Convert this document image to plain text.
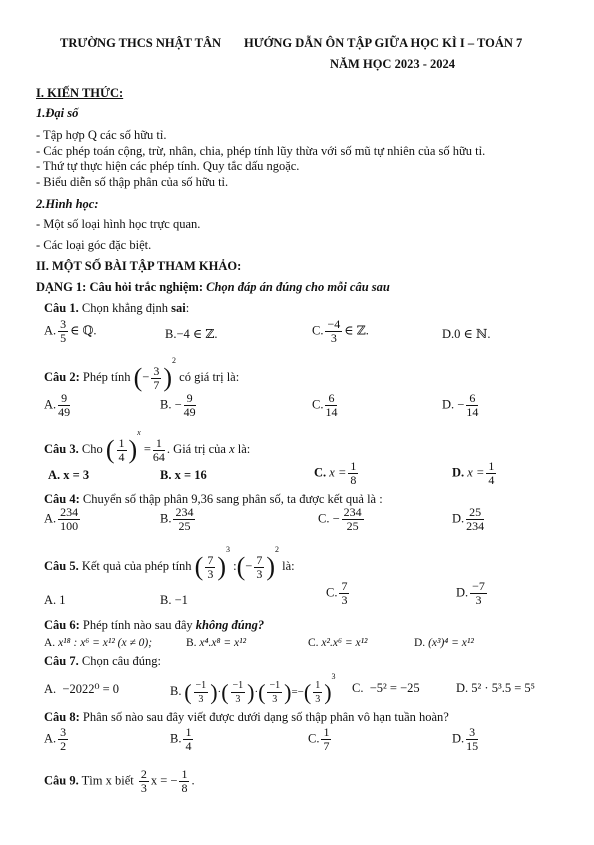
TRƯỜNG THCS NHẬT TÂN HƯỚNG DẪN ÔN TẬP GIỮA HỌC KÌ I – TOÁN 7
NĂM HỌC 2023 - 2024
I. KIẾN THỨC:
1.Đại số
- Tập hợp Q các số hữu tỉ.
- Các phép toán cộng, trừ, nhân, chia, phép tính lũy thừa với số mũ tự nhiên của số hữu tỉ.
- Thứ tự thực hiện các phép tính. Quy tắc dấu ngoặc.
- Biểu diễn số thập phân của số hữu tỉ.
2.Hình học:
- Một số loại hình học trực quan.
- Các loại góc đặc biệt.
II. MỘT SỐ BÀI TẬP THAM KHẢO:
DẠNG 1: Câu hỏi trắc nghiệm: Chọn đáp án đúng cho mỗi câu sau
Câu 1. Chọn khẳng định sai:
A. $\frac{3}{5}$ ∈ ℚ.	B.−4 ∈ ℤ.	C. $\frac{-4}{3}$ ∈ ℤ.	D.0 ∈ ℕ.
Câu 2: Phép tính (− $\frac{3}{7} )^2$ có giá trị là:
A. $\frac{9}{49}$	B. − $\frac{9}{49}$	C. $\frac{6}{14}$	D. − $\frac{6}{14}$
Câu 3. Cho ( $\frac{1}{4} )^x = \frac{1}{64}$ . Giá trị của x là:
A. x = 3	B. x = 16	C. $x = \frac{1}{8}$	D. $x = \frac{1}{4}$
Câu 4: Chuyển số thập phân 9,36 sang phân số, ta được kết quả là :
A. $\frac{234}{100}$	B. $\frac{234}{25}$	C. − $\frac{234}{25}$	D. $\frac{25}{234}$
Câu 5. Kết quả của phép tính ( $\frac{7}{3} )^3$ :(− $\frac{7}{3} )^2$ là:
A. 1	B. −1
C. $\frac{7}{3}$	D. $\frac{-7}{3}$
Câu 6: Phép tính nào sau đây không đúng?
A. x¹⁸ : x⁶ = x¹² (x ≠ 0);	B. x⁴.x⁸ = x¹²	C. x².x⁶ = x¹²	D. (x³)⁴ = x¹²
Câu 7. Chọn câu đúng:
A. −2022⁰ = 0	B. ( $\frac{-1}{3}$ )·( $\frac{-1}{3}$ )·( $\frac{-1}{3}$ )=−( $\frac{1}{3} )^3$
C. −5² = −25	D. 5² · 5³.5 = 5⁵
Câu 8: Phân số nào sau đây viết được dưới dạng số thập phân vô hạn tuần hoàn?
A. $\frac{3}{2}$	B. $\frac{1}{4}$	C. $\frac{1}{7}$	D. $\frac{3}{15}$
Câu 9. Tìm x biết $\frac{2}{3}$ x = − $\frac{1}{8}$ .
